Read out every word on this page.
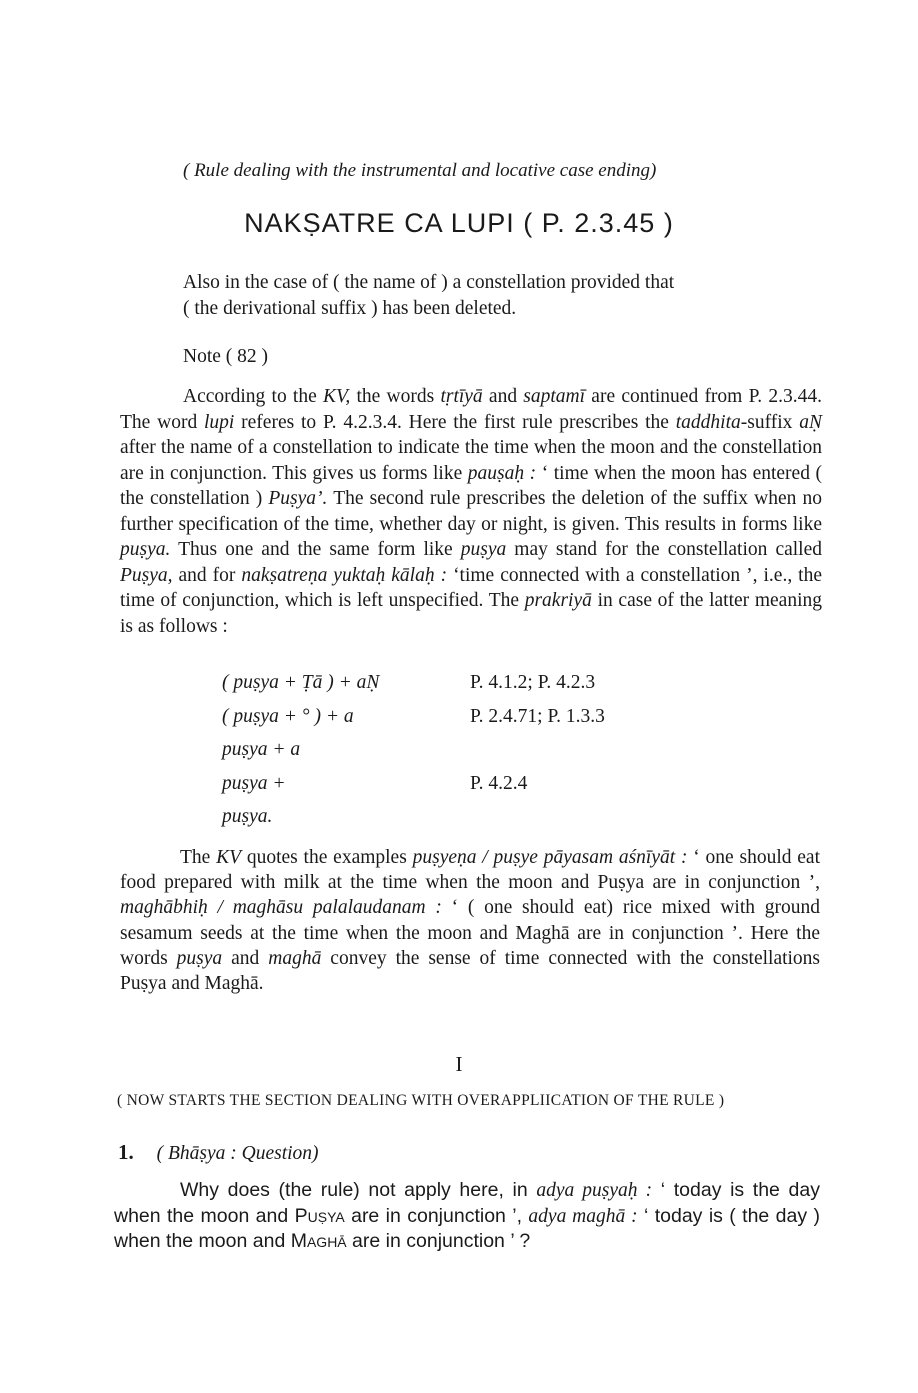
( Rule dealing with the instrumental and locative case ending)
NAKṢATRE CA LUPI ( P. 2.3.45 )
Also in the case of ( the name of ) a constellation provided that
( the derivational suffix ) has been deleted.
Note ( 82 )

According to the KV, the words tṛtīyā and saptamī are continued from P. 2.3.44. The word lupi referes to P. 4.2.3.4. Here the first rule prescribes the taddhita-suffix aṆ after the name of a constellation to indicate the time when the moon and the constellation are in conjunction. This gives us forms like pauṣaḥ : ‘ time when the moon has entered ( the constellation ) Puṣya’. The second rule prescribes the deletion of the suffix when no further specification of the time, whether day or night, is given. This results in forms like puṣya. Thus one and the same form like puṣya may stand for the constellation called Puṣya, and for nakṣatreṇa yuktaḥ kālaḥ : ‘time connected with a constellation ’, i.e., the time of conjunction, which is left unspecified. The prakriyā in case of the latter meaning is as follows :

( puṣya + Ṭā ) + aṆ	P. 4.1.2; P. 4.2.3
( puṣya + ° ) + a	P. 2.4.71; P. 1.3.3
puṣya + a
puṣya +	P. 4.2.4
puṣya.

The KV quotes the examples puṣyeṇa / puṣye pāyasam aśnīyāt : ‘ one should eat food prepared with milk at the time when the moon and Puṣya are in conjunction ’, maghābhiḥ / maghāsu palalaudanam : ‘ ( one should eat) rice mixed with ground sesamum seeds at the time when the moon and Maghā are in conjunction ’. Here the words puṣya and maghā convey the sense of time connected with the constellations Puṣya and Maghā.

I
( NOW STARTS THE SECTION DEALING WITH OVERAPPLIICATION OF THE RULE )
1. ( Bhāṣya : Question)

Why does (the rule) not apply here, in adya puṣyaḥ : ‘ today is the day when the moon and Puṣya are in conjunction ’, adya maghā : ‘ today is ( the day ) when the moon and Maghā are in conjunction ’ ?
